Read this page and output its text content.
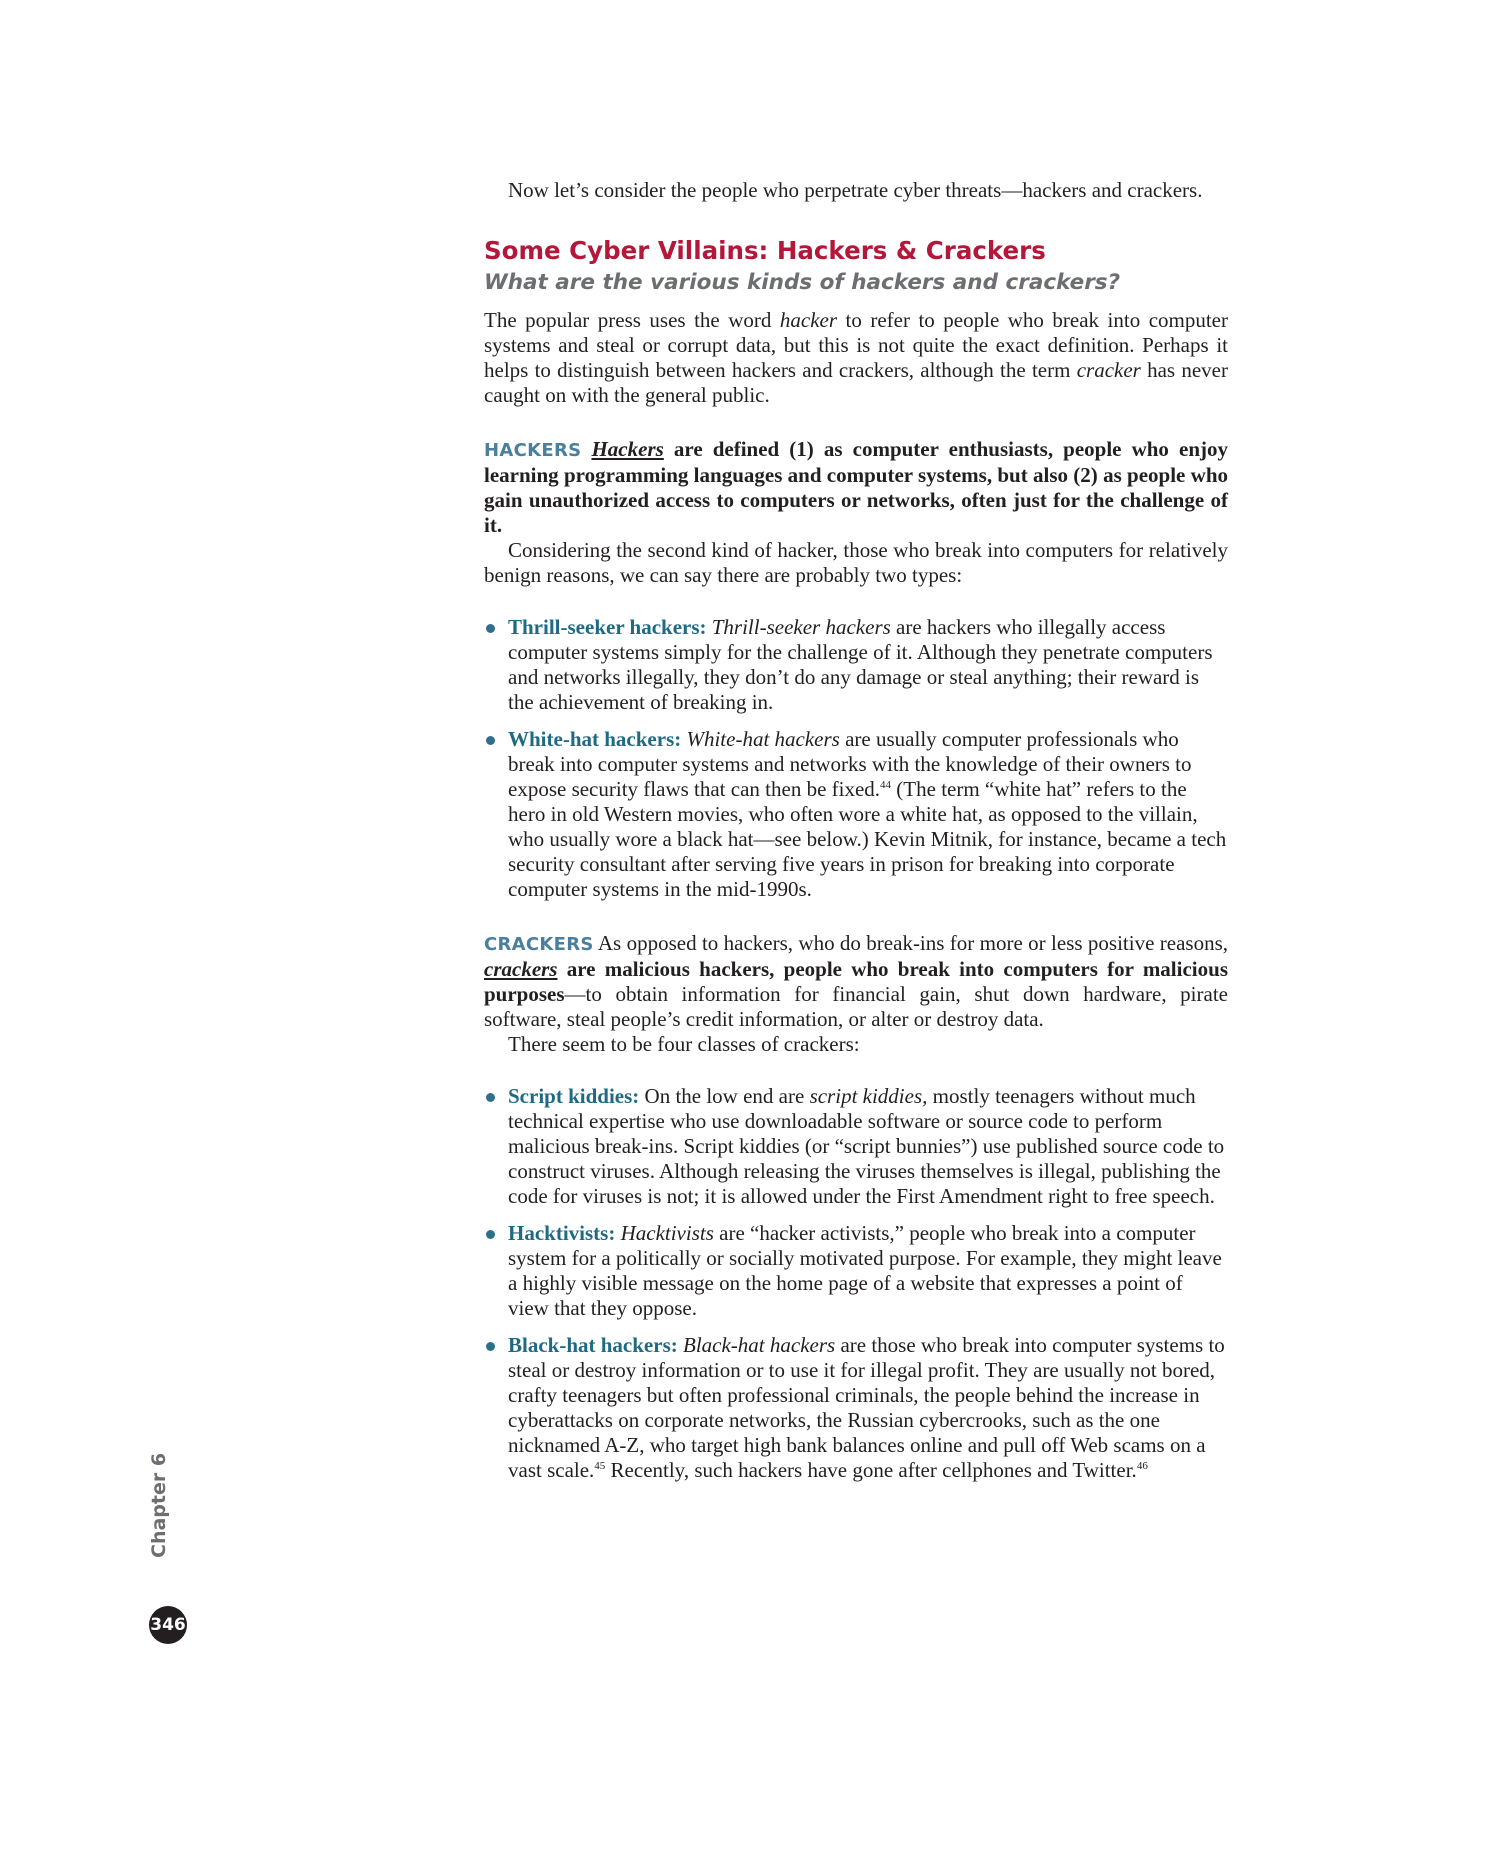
Now let’s consider the people who perpetrate cyber threats—hackers and crackers.

Some Cyber Villains: Hackers & Crackers
What are the various kinds of hackers and crackers?

The popular press uses the word hacker to refer to people who break into computer systems and steal or corrupt data, but this is not quite the exact definition. Perhaps it helps to distinguish between hackers and crackers, although the term cracker has never caught on with the general public.

HACKERS Hackers are defined (1) as computer enthusiasts, people who enjoy learning programming languages and computer systems, but also (2) as people who gain unauthorized access to computers or networks, often just for the challenge of it.

Considering the second kind of hacker, those who break into computers for relatively benign reasons, we can say there are probably two types:

Thrill-seeker hackers: Thrill-seeker hackers are hackers who illegally access computer systems simply for the challenge of it. Although they penetrate computers and networks illegally, they don’t do any damage or steal anything; their reward is the achievement of breaking in.
White-hat hackers: White-hat hackers are usually computer professionals who break into computer systems and networks with the knowledge of their owners to expose security flaws that can then be fixed.$^{44}$ (The term “white hat” refers to the hero in old Western movies, who often wore a white hat, as opposed to the villain, who usually wore a black hat—see below.) Kevin Mitnik, for instance, became a tech security consultant after serving five years in prison for breaking into corporate computer systems in the mid-1990s.

CRACKERS As opposed to hackers, who do break-ins for more or less positive reasons, crackers are malicious hackers, people who break into computers for malicious purposes—to obtain information for financial gain, shut down hardware, pirate software, steal people’s credit information, or alter or destroy data.

There seem to be four classes of crackers:

Script kiddies: On the low end are script kiddies, mostly teenagers without much technical expertise who use downloadable software or source code to perform malicious break-ins. Script kiddies (or “script bunnies”) use published source code to construct viruses. Although releasing the viruses themselves is illegal, publishing the code for viruses is not; it is allowed under the First Amendment right to free speech.
Hacktivists: Hacktivists are “hacker activists,” people who break into a computer system for a politically or socially motivated purpose. For example, they might leave a highly visible message on the home page of a website that expresses a point of view that they oppose.
Black-hat hackers: Black-hat hackers are those who break into computer systems to steal or destroy information or to use it for illegal profit. They are usually not bored, crafty teenagers but often professional criminals, the people behind the increase in cyberattacks on corporate networks, the Russian cybercrooks, such as the one nicknamed A-Z, who target high bank balances online and pull off Web scams on a vast scale.$^{45}$ Recently, such hackers have gone after cellphones and Twitter.$^{46}$
Chapter 6
346
